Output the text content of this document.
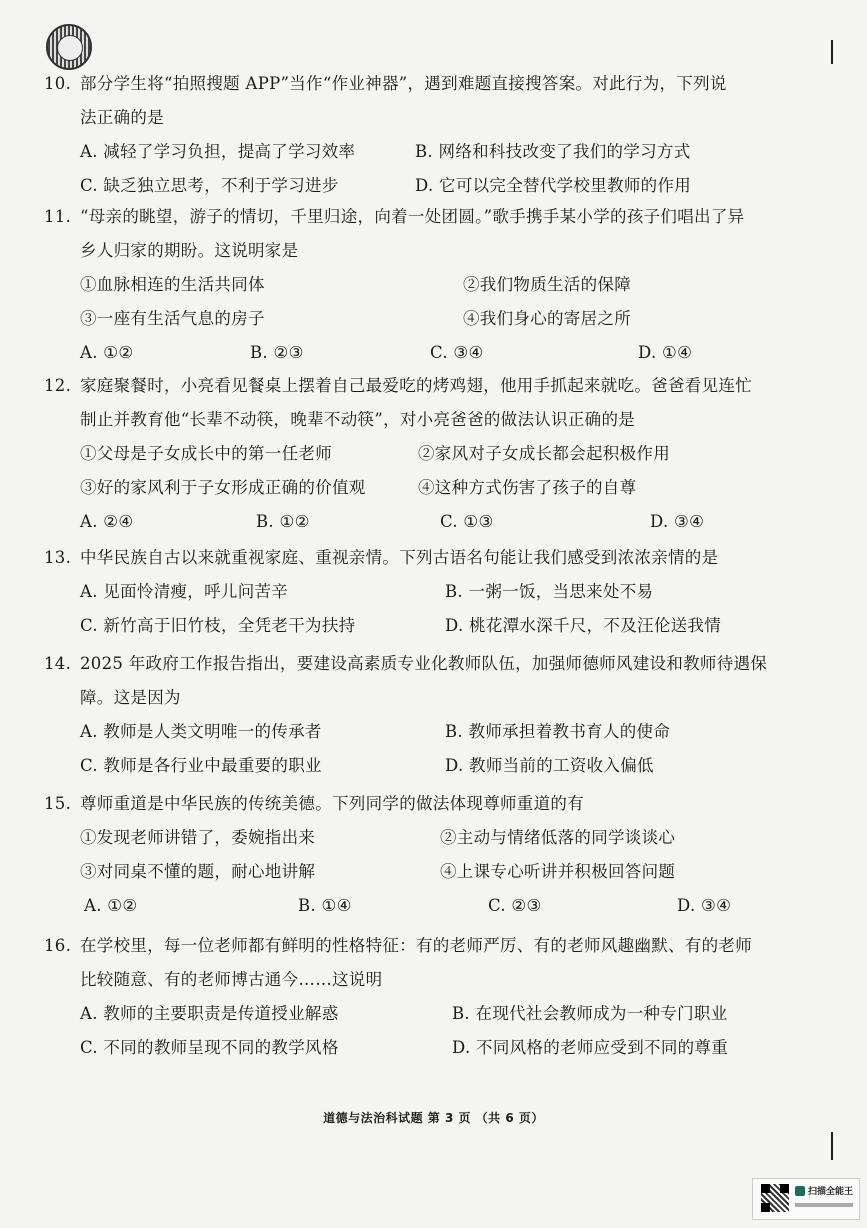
10. 部分学生将“拍照搜题 APP”当作“作业神器”，遇到难题直接搜答案。对此行为，下列说
法正确的是
A. 减轻了学习负担，提高了学习效率	B. 网络和科技改变了我们的学习方式
C. 缺乏独立思考，不利于学习进步	D. 它可以完全替代学校里教师的作用
11. “母亲的眺望，游子的情切，千里归途，向着一处团圆。”歌手携手某小学的孩子们唱出了异
乡人归家的期盼。这说明家是
①血脉相连的生活共同体	②我们物质生活的保障
③一座有生活气息的房子	④我们身心的寄居之所
A. ①②	B. ②③	C. ③④	D. ①④
12. 家庭聚餐时，小亮看见餐桌上摆着自己最爱吃的烤鸡翅，他用手抓起来就吃。爸爸看见连忙
制止并教育他“长辈不动筷，晚辈不动筷”，对小亮爸爸的做法认识正确的是
①父母是子女成长中的第一任老师	②家风对子女成长都会起积极作用
③好的家风利于子女形成正确的价值观	④这种方式伤害了孩子的自尊
A. ②④	B. ①②	C. ①③	D. ③④
13. 中华民族自古以来就重视家庭、重视亲情。下列古语名句能让我们感受到浓浓亲情的是
A. 见面怜清瘦，呼儿问苦辛	B. 一粥一饭，当思来处不易
C. 新竹高于旧竹枝，全凭老干为扶持	D. 桃花潭水深千尺，不及汪伦送我情
14. 2025 年政府工作报告指出，要建设高素质专业化教师队伍，加强师德师风建设和教师待遇保
障。这是因为
A. 教师是人类文明唯一的传承者	B. 教师承担着教书育人的使命
C. 教师是各行业中最重要的职业	D. 教师当前的工资收入偏低
15. 尊师重道是中华民族的传统美德。下列同学的做法体现尊师重道的有
①发现老师讲错了，委婉指出来	②主动与情绪低落的同学谈谈心
③对同桌不懂的题，耐心地讲解	④上课专心听讲并积极回答问题
A. ①②	B. ①④	C. ②③	D. ③④
16. 在学校里，每一位老师都有鲜明的性格特征：有的老师严厉、有的老师风趣幽默、有的老师
比较随意、有的老师博古通今……这说明
A. 教师的主要职责是传道授业解惑	B. 在现代社会教师成为一种专门职业
C. 不同的教师呈现不同的教学风格	D. 不同风格的老师应受到不同的尊重
道德与法治科试题 第 3 页 （共 6 页）
扫描全能王
